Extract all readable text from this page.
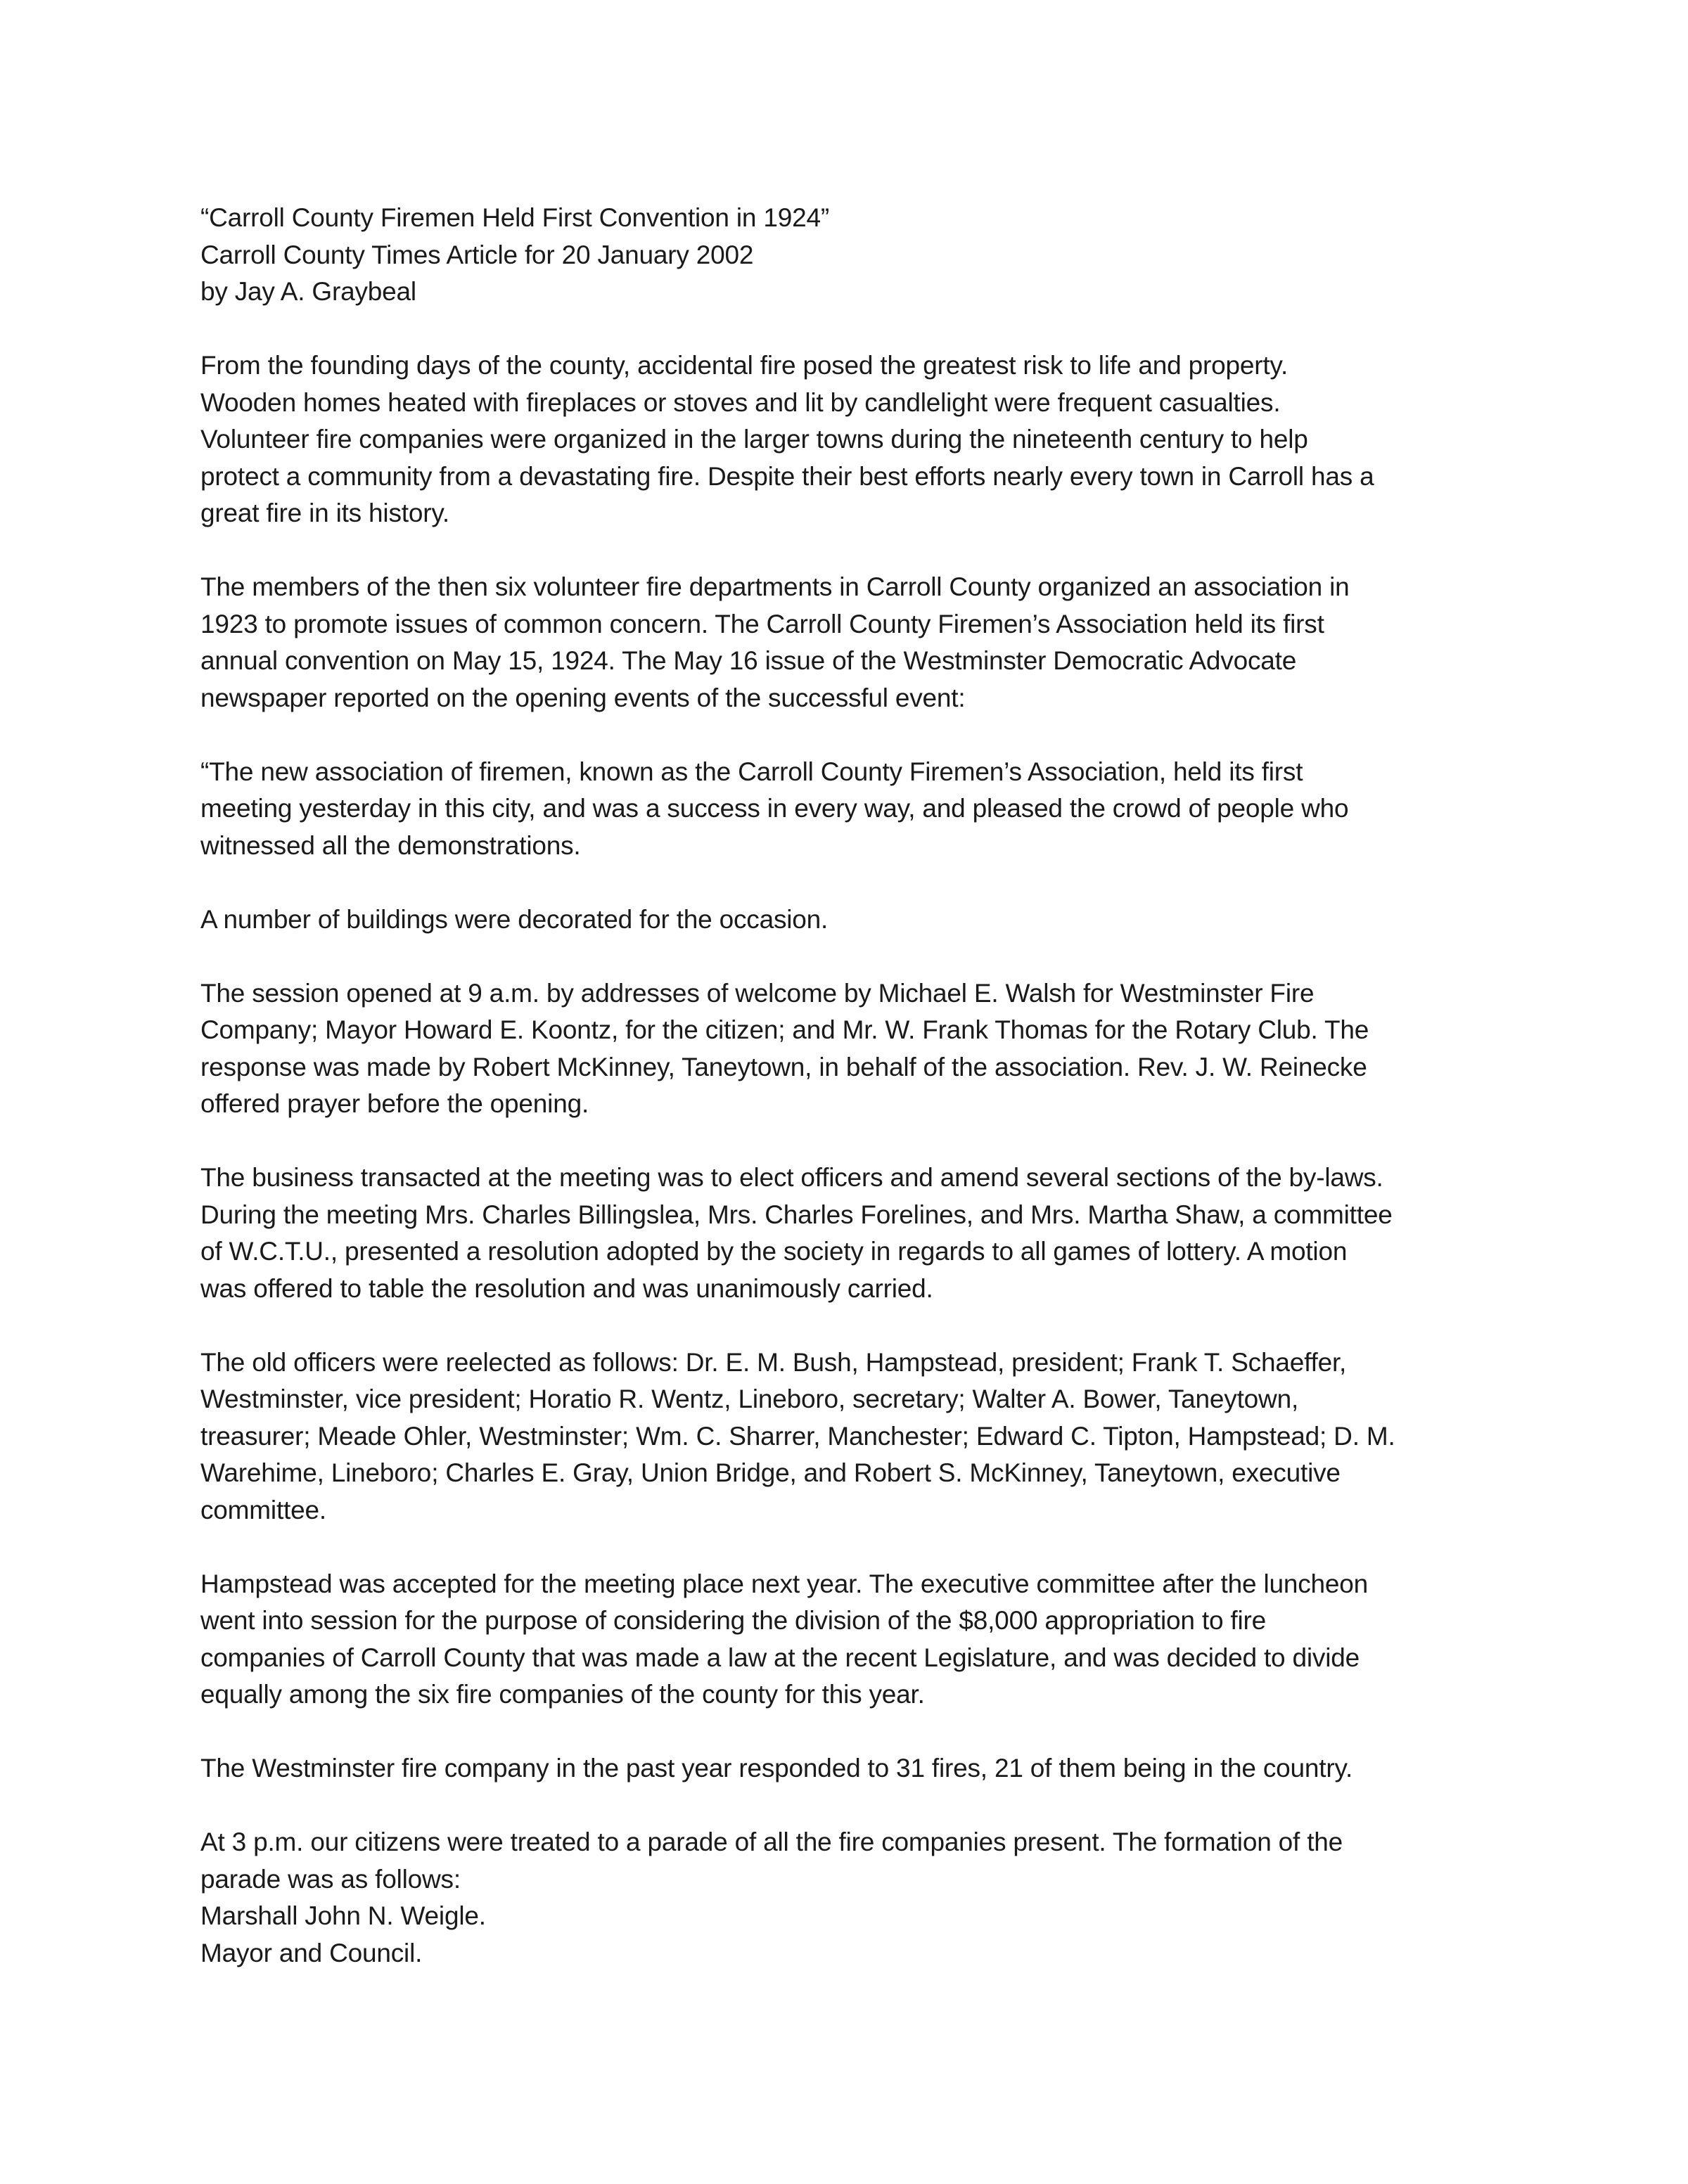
“Carroll County Firemen Held First Convention in 1924”
Carroll County Times Article for 20 January 2002
by Jay A. Graybeal
From the founding days of the county, accidental fire posed the greatest risk to life and property.
Wooden homes heated with fireplaces or stoves and lit by candlelight were frequent casualties.
Volunteer fire companies were organized in the larger towns during the nineteenth century to help
protect a community from a devastating fire. Despite their best efforts nearly every town in Carroll has a
great fire in its history.
The members of the then six volunteer fire departments in Carroll County organized an association in
1923 to promote issues of common concern. The Carroll County Firemen’s Association held its first
annual convention on May 15, 1924. The May 16 issue of the Westminster Democratic Advocate
newspaper reported on the opening events of the successful event:
“The new association of firemen, known as the Carroll County Firemen’s Association, held its first
meeting yesterday in this city, and was a success in every way, and pleased the crowd of people who
witnessed all the demonstrations.
A number of buildings were decorated for the occasion.
The session opened at 9 a.m. by addresses of welcome by Michael E. Walsh for Westminster Fire
Company; Mayor Howard E. Koontz, for the citizen; and Mr. W. Frank Thomas for the Rotary Club. The
response was made by Robert McKinney, Taneytown, in behalf of the association. Rev. J. W. Reinecke
offered prayer before the opening.
The business transacted at the meeting was to elect officers and amend several sections of the by-laws.
During the meeting Mrs. Charles Billingslea, Mrs. Charles Forelines, and Mrs. Martha Shaw, a committee
of W.C.T.U., presented a resolution adopted by the society in regards to all games of lottery. A motion
was offered to table the resolution and was unanimously carried.
The old officers were reelected as follows: Dr. E. M. Bush, Hampstead, president; Frank T. Schaeffer,
Westminster, vice president; Horatio R. Wentz, Lineboro, secretary; Walter A. Bower, Taneytown,
treasurer; Meade Ohler, Westminster; Wm. C. Sharrer, Manchester; Edward C. Tipton, Hampstead; D. M.
Warehime, Lineboro; Charles E. Gray, Union Bridge, and Robert S. McKinney, Taneytown, executive
committee.
Hampstead was accepted for the meeting place next year. The executive committee after the luncheon
went into session for the purpose of considering the division of the $8,000 appropriation to fire
companies of Carroll County that was made a law at the recent Legislature, and was decided to divide
equally among the six fire companies of the county for this year.
The Westminster fire company in the past year responded to 31 fires, 21 of them being in the country.
At 3 p.m. our citizens were treated to a parade of all the fire companies present. The formation of the
parade was as follows:
Marshall John N. Weigle.
Mayor and Council.
